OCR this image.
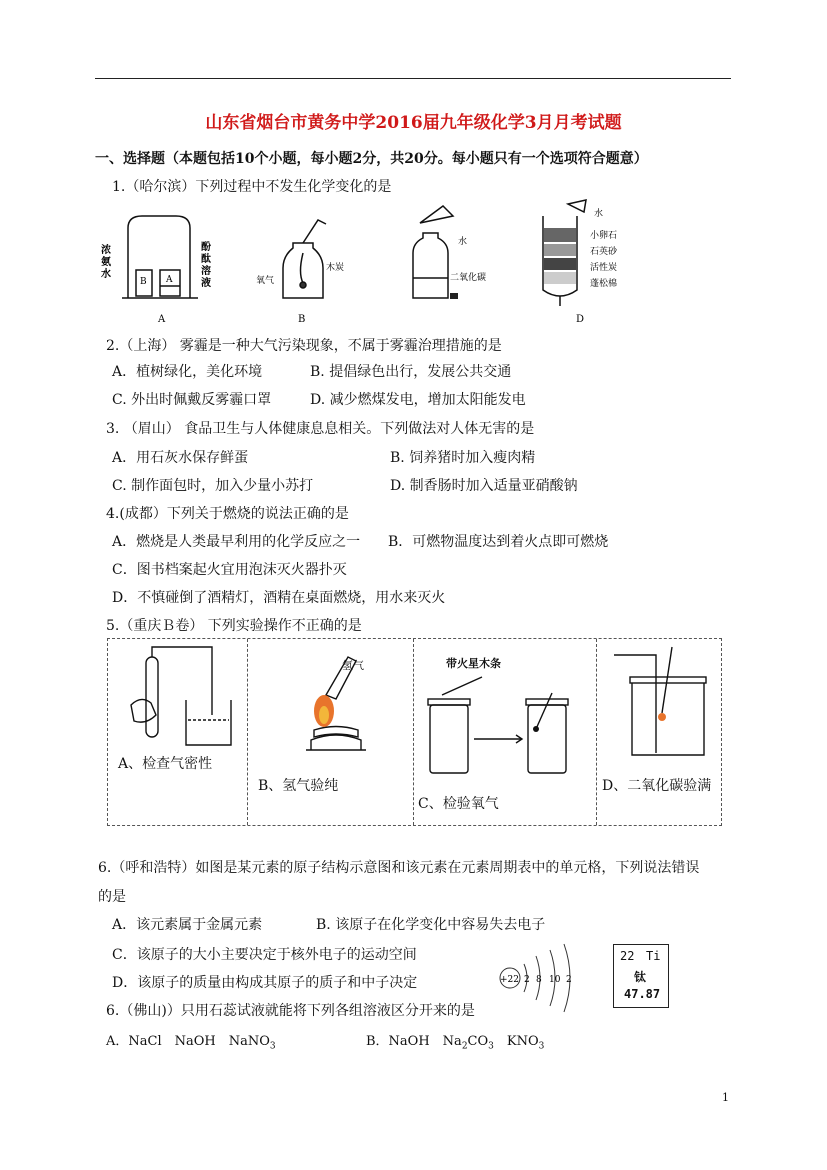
山东省烟台市黄务中学2016届九年级化学3月月考试题
一、选择题（本题包括10个小题，每小题2分，共20分。每小题只有一个选项符合题意）
1.（哈尔滨）下列过程中不发生化学变化的是
浓
氨
水
酚
酞
溶
液
B A
A
氧气
木炭
B
水
二氧化碳
水
小卵石
石英砂
活性炭
蓬松棉
D
2.（上海） 雾霾是一种大气污染现象，不属于雾霾治理措施的是
A．植树绿化，美化环境	B. 提倡绿色出行，发展公共交通
C. 外出时佩戴反雾霾口罩	D. 减少燃煤发电，增加太阳能发电
3. （眉山） 食品卫生与人体健康息息相关。下列做法对人体无害的是
A．用石灰水保存鲜蛋	B. 饲养猪时加入瘦肉精
C. 制作面包时，加入少量小苏打	D. 制香肠时加入适量亚硝酸钠
4.(成都）下列关于燃烧的说法正确的是
A．燃烧是人类最早利用的化学反应之一 B．可燃物温度达到着火点即可燃烧
C．图书档案起火宜用泡沫灭火器扑灭
D．不慎碰倒了酒精灯，酒精在桌面燃烧，用水来灭火
5.（重庆Ｂ卷） 下列实验操作不正确的是
A、检查气密性
氢气
B、氢气验纯
带火星木条
C、检验氧气
D、二氧化碳验满
6.（呼和浩特）如图是某元素的原子结构示意图和该元素在元素周期表中的单元格，下列说法错误
的是
A．该元素属于金属元素	B. 该原子在化学变化中容易失去电子
C．该原子的大小主要决定于核外电子的运动空间
D．该原子的质量由构成其原子的质子和中子决定	+22 2 8 10 2
22 Ti
钛
47.87
6.（佛山)）只用石蕊试液就能将下列各组溶液区分开来的是
A．NaCl　NaOH　NaNO$_3$	B．NaOH　$Na_2CO_3$　$KNO_3$
1
